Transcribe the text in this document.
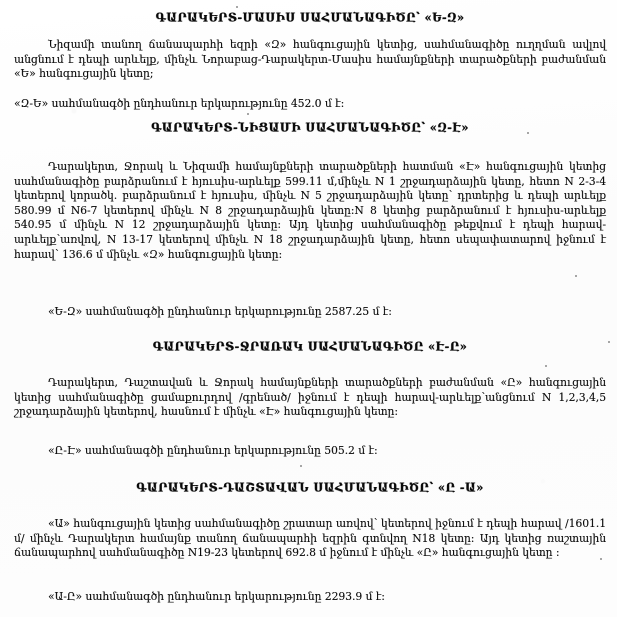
ԳԱՐԱԿԵՐՏ-ՄԱՍԻՍ ՍԱՀՄԱՆԱԳԻԾԸ՝ «Ե-Զ»

Նիզամի տանող ճանապարհի եզրի «Զ» հանգուցային կետից, սահմանագիծը ուղղման ավլով անցնում է դեպի արևելք, մինչև Նորաբաց-Դարակերտ-Մասիս համայնքների տարածքների բաժանման «Ե» հանգուցային կետը;

«Զ-Ե» սահմանագծի ընդհանուր երկարությունը 452.0 մ է:

ԳԱՐԱԿԵՐՏ-ՆԻՑԱՄԻ ՍԱՀՄԱՆԱԳԻԾԸ՝ «Զ-Է»

Դարակերտ, Ջորակ և Նիզամի համայնքների տարածքների հատման «Է» հանգուցային կետից սահմանագիծը բարձրանում է հյուսիս-արևելք 599.11 մ,մինչև N 1 շրջադարձային կետը, հետո N 2-3-4 կետերով կորածկ. բարձրանում է հյուսիս, մինչև N 5 շրջադարձային կետը՝ դրտերից և դեպի արևելք 580.99 մ N6-7 կետերով մինչև N 8 շրջադարձային կետը:N 8 կետից բարձրանում է հյուսիս-արևելք 540.95 մ մինչև N 12 շրջադարձային կետը: Այդ կետից սահմանագիծը թեքվում է դեպի հարավ-արևելք՝առվով, N 13-17 կետերով մինչև N 18 շրջադարձային կետը, հետո սեպափատարով իջնում է հարավ՝ 136.6 մ մինչև «Զ» հանգուցային կետը:

«Ե-Զ» սահմանագծի ընդհանուր երկարությունը 2587.25 մ է:

ԳԱՐԱԿԵՐՏ-ՋՐԱՌԱԿ ՍԱՀՄԱՆԱԳԻԾԸ «Է-Ը»

Դարակերտ, Դաշտավան և Ջորակ համայնքների տարածքների բաժանման «Ը» հանգուցային կետից սահմանագիծը ցամաքուրդով /գրենած/ իջնում է դեպի հարավ-արևելք՝անցնում N 1,2,3,4,5 շրջադարձային կետերով, հասնում է մինչև «Է» հանգուցային կետը:

«Ը-Է» սահմանագծի ընդհանուր երկարությունը 505.2 մ է:

ԳԱՐԱԿԵՐՏ-ԴԱՇՏԱՎԱՆ ՍԱՀՄԱՆԱԳԻԾԸ՝ «Ը -Ա»

«Ա» հանգուցային կետից սահմանագիծը շրատար առվով՝ կետերով իջնում է դեպի հարավ /1601.1 մ/ մինչև Դարակերտ համայնք տանող ճանապարհի եզրին գտնվող N18 կետը: Այդ կետից ռաշտային ճանապարհով սահմանագիծը N19-23 կետերով 692.8 մ իջնում է մինչև «Ը» հանգուցային կետը :

«Ա-Ը» սահմանագծի ընդհանուր երկարությունը 2293.9 մ է:
